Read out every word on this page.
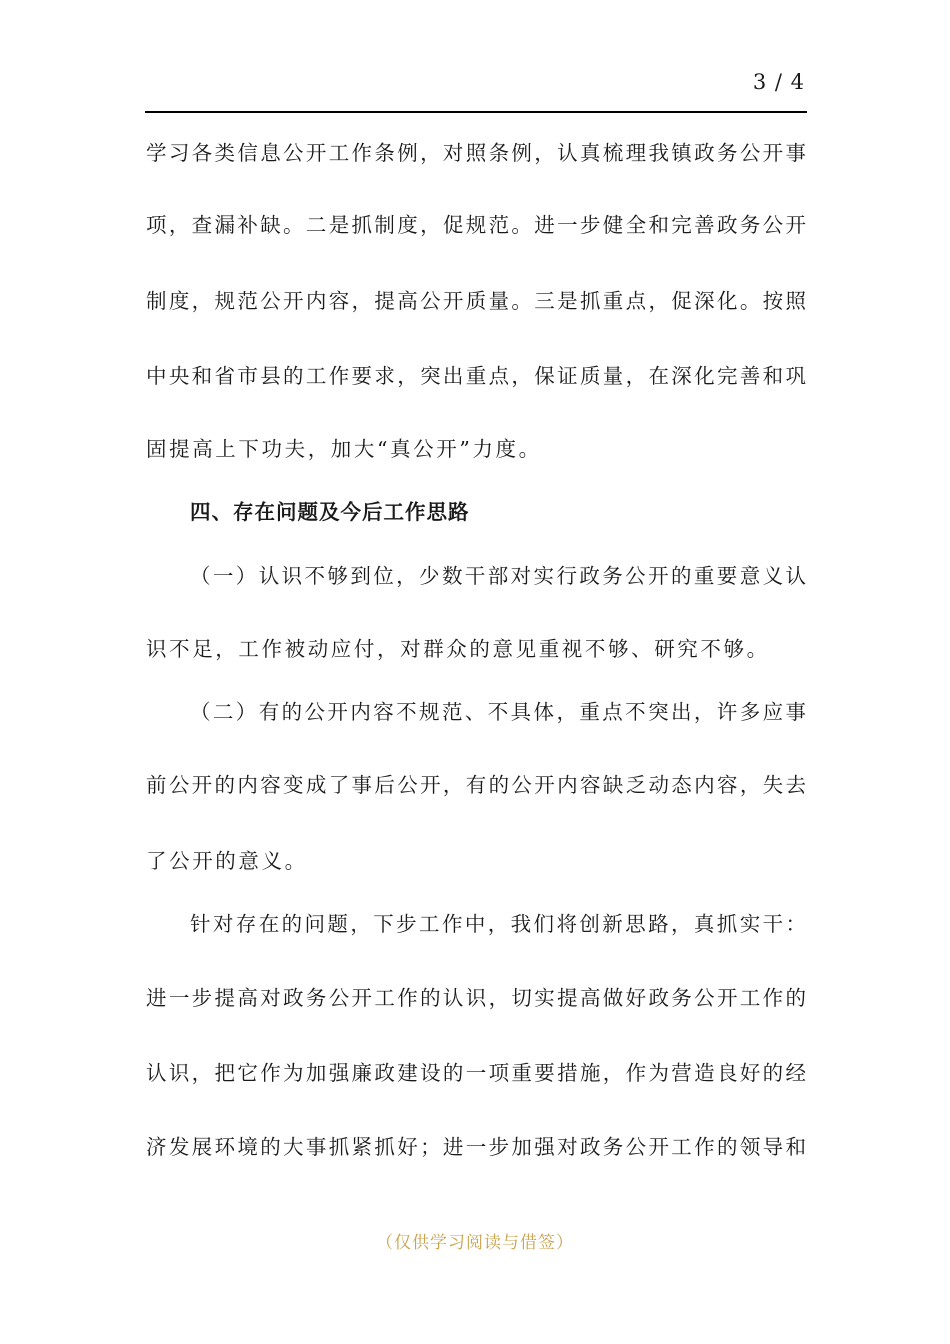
3 / 4
学习各类信息公开工作条例，对照条例，认真梳理我镇政务公开事
项，查漏补缺。二是抓制度，促规范。进一步健全和完善政务公开
制度，规范公开内容，提高公开质量。三是抓重点，促深化。按照
中央和省市县的工作要求，突出重点，保证质量，在深化完善和巩
固提高上下功夫，加大“真公开”力度。
四、存在问题及今后工作思路
（一）认识不够到位，少数干部对实行政务公开的重要意义认
识不足，工作被动应付，对群众的意见重视不够、研究不够。
（二）有的公开内容不规范、不具体，重点不突出，许多应事
前公开的内容变成了事后公开，有的公开内容缺乏动态内容，失去
了公开的意义。
针对存在的问题，下步工作中，我们将创新思路，真抓实干：
进一步提高对政务公开工作的认识，切实提高做好政务公开工作的
认识，把它作为加强廉政建设的一项重要措施，作为营造良好的经
济发展环境的大事抓紧抓好；进一步加强对政务公开工作的领导和
（仅供学习阅读与借签）
